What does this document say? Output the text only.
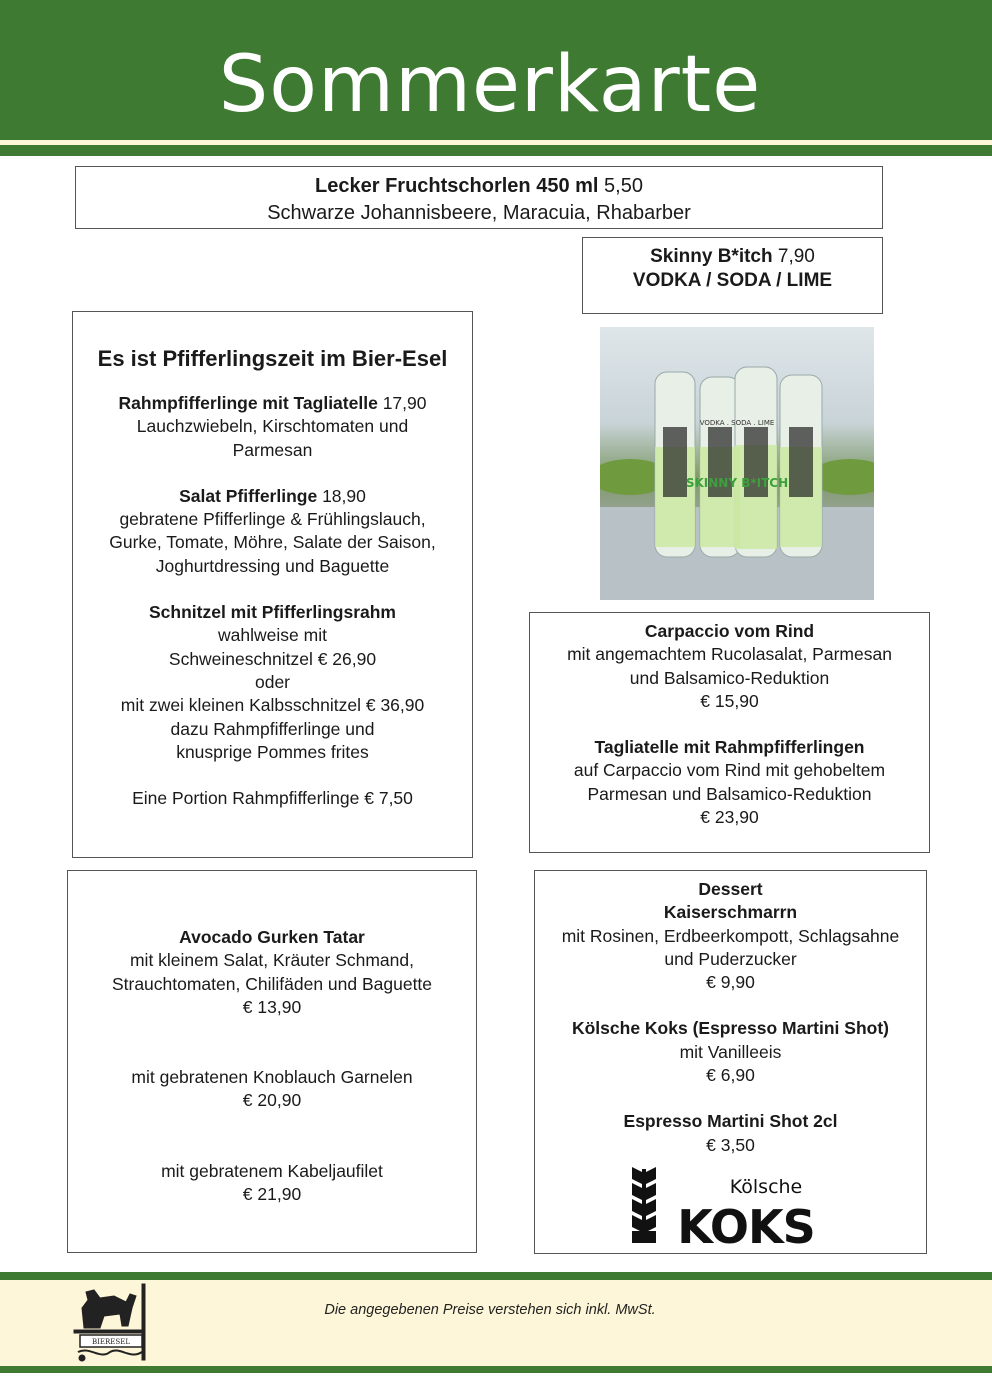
Sommerkarte
Lecker Fruchtschorlen 450 ml 5,50
Schwarze Johannisbeere, Maracuia, Rhabarber
Skinny B*itch 7,90
VODKA / SODA / LIME
Es ist Pfifferlingszeit im Bier-Esel
Rahmpfifferlinge mit Tagliatelle 17,90
Lauchzwiebeln, Kirschtomaten und
Parmesan
Salat Pfifferlinge 18,90
gebratene Pfifferlinge & Frühlingslauch,
Gurke, Tomate, Möhre, Salate der Saison,
Joghurtdressing und Baguette
Schnitzel mit Pfifferlingsrahm
wahlweise mit
Schweineschnitzel € 26,90
oder
mit zwei kleinen Kalbsschnitzel € 36,90
dazu Rahmpfifferlinge und
knusprige Pommes frites
Eine Portion Rahmpfifferlinge € 7,50
VODKA . SODA . LIME
SKINNY B*ITCH
Carpaccio vom Rind
mit angemachtem Rucolasalat, Parmesan
und Balsamico-Reduktion
€ 15,90
Tagliatelle mit Rahmpfifferlingen
auf Carpaccio vom Rind mit gehobeltem
Parmesan und Balsamico-Reduktion
€ 23,90
Avocado Gurken Tatar
mit kleinem Salat, Kräuter Schmand,
Strauchtomaten, Chilifäden und Baguette
€ 13,90
mit gebratenen Knoblauch Garnelen
€ 20,90
mit gebratenem Kabeljaufilet
€ 21,90
Dessert
Kaiserschmarrn
mit Rosinen, Erdbeerkompott, Schlagsahne
und Puderzucker
€ 9,90
Kölsche Koks (Espresso Martini Shot)
mit Vanilleeis
€ 6,90
Espresso Martini Shot 2cl
€ 3,50
Kölsche
KOKS
BIERESEL
Die angegebenen Preise verstehen sich inkl. MwSt.
